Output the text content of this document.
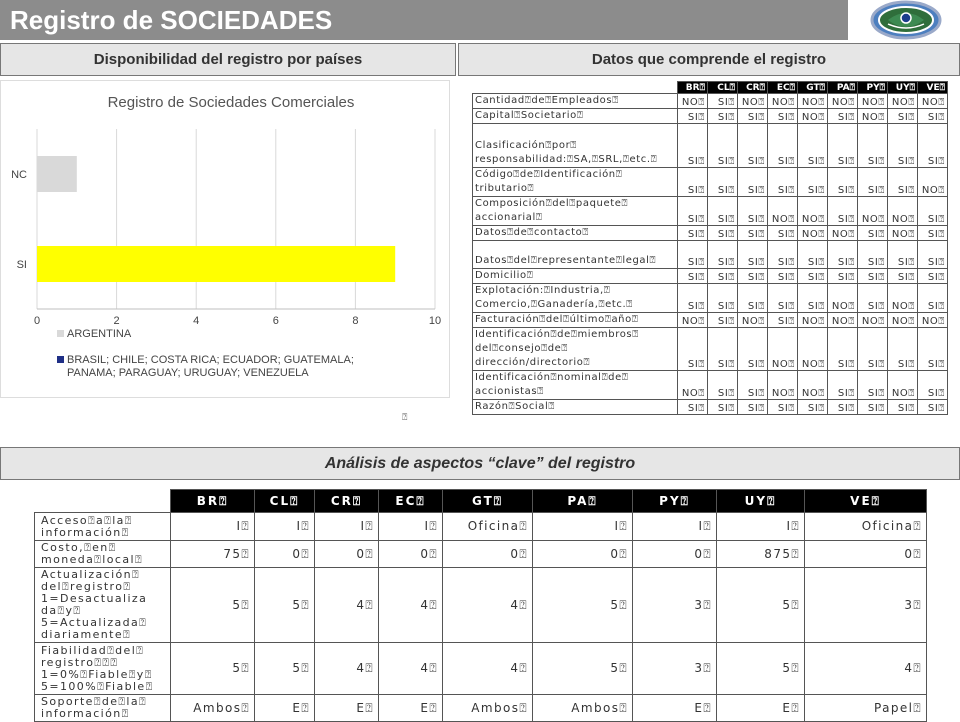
Registro de SOCIEDADES
Disponibilidad del registro por países	Datos que comprende el registro
Análisis de aspectos “clave” del registro
Registro de Sociedades Comerciales
0	2	4	6	8	10
NC
SI
ARGENTINA
BRASIL; CHILE; COSTA RICA; ECUADOR; GUATEMALA;
PANAMA; PARAGUAY; URUGUAY; VENEZUELA
⍰
	BR⍰	CL⍰	CR⍰	EC⍰	GT⍰	PA⍰	PY⍰	UY⍰	VE⍰
Cantidad⍰de⍰Empleados⍰	NO⍰	SI⍰	NO⍰	NO⍰	NO⍰	NO⍰	NO⍰	NO⍰	NO⍰
Capital⍰Societario⍰	SI⍰	SI⍰	SI⍰	SI⍰	NO⍰	SI⍰	NO⍰	SI⍰	SI⍰
Clasificación⍰por⍰ responsabilidad:⍰SA,⍰SRL,⍰etc.⍰	SI⍰	SI⍰	SI⍰	SI⍰	SI⍰	SI⍰	SI⍰	SI⍰	SI⍰
Código⍰de⍰Identificación⍰ tributario⍰	SI⍰	SI⍰	SI⍰	SI⍰	SI⍰	SI⍰	SI⍰	SI⍰	NO⍰
Composición⍰del⍰paquete⍰ accionarial⍰	SI⍰	SI⍰	SI⍰	NO⍰	NO⍰	SI⍰	NO⍰	NO⍰	SI⍰
Datos⍰de⍰contacto⍰	SI⍰	SI⍰	SI⍰	SI⍰	NO⍰	NO⍰	SI⍰	NO⍰	SI⍰
Datos⍰del⍰representante⍰legal⍰	SI⍰	SI⍰	SI⍰	SI⍰	SI⍰	SI⍰	SI⍰	SI⍰	SI⍰
Domicilio⍰	SI⍰	SI⍰	SI⍰	SI⍰	SI⍰	SI⍰	SI⍰	SI⍰	SI⍰
Explotación:⍰Industria,⍰ Comercio,⍰Ganadería,⍰etc.⍰	SI⍰	SI⍰	SI⍰	SI⍰	SI⍰	NO⍰	SI⍰	NO⍰	SI⍰
Facturación⍰del⍰último⍰año⍰	NO⍰	SI⍰	NO⍰	SI⍰	NO⍰	NO⍰	NO⍰	NO⍰	NO⍰
Identificación⍰de⍰miembros⍰ del⍰consejo⍰de⍰ dirección/directorio⍰	SI⍰	SI⍰	SI⍰	NO⍰	NO⍰	SI⍰	SI⍰	SI⍰	SI⍰
Identificación⍰nominal⍰de⍰ accionistas⍰	NO⍰	SI⍰	SI⍰	NO⍰	NO⍰	SI⍰	SI⍰	NO⍰	SI⍰
Razón⍰Social⍰	SI⍰	SI⍰	SI⍰	SI⍰	SI⍰	SI⍰	SI⍰	SI⍰	SI⍰
	BR⍰	CL⍰	CR⍰	EC⍰	GT⍰	PA⍰	PY⍰	UY⍰	VE⍰
Acceso⍰a⍰la⍰ información⍰	I⍰	I⍰	I⍰	I⍰	Oficina⍰	I⍰	I⍰	I⍰	Oficina⍰
Costo,⍰en⍰ moneda⍰local⍰	75⍰	0⍰	0⍰	0⍰	0⍰	0⍰	0⍰	875⍰	0⍰
Actualización⍰ del⍰registro⍰ 1=Desactualiza da⍰y⍰ 5=Actualizada⍰ diariamente⍰	5⍰	5⍰	4⍰	4⍰	4⍰	5⍰	3⍰	5⍰	3⍰
Fiabilidad⍰del⍰ registro⍰⍰⍰ 1=0%⍰Fiable⍰y⍰ 5=100%⍰Fiable⍰	5⍰	5⍰	4⍰	4⍰	4⍰	5⍰	3⍰	5⍰	4⍰
Soporte⍰de⍰la⍰ información⍰	Ambos⍰	E⍰	E⍰	E⍰	Ambos⍰	Ambos⍰	E⍰	E⍰	Papel⍰
